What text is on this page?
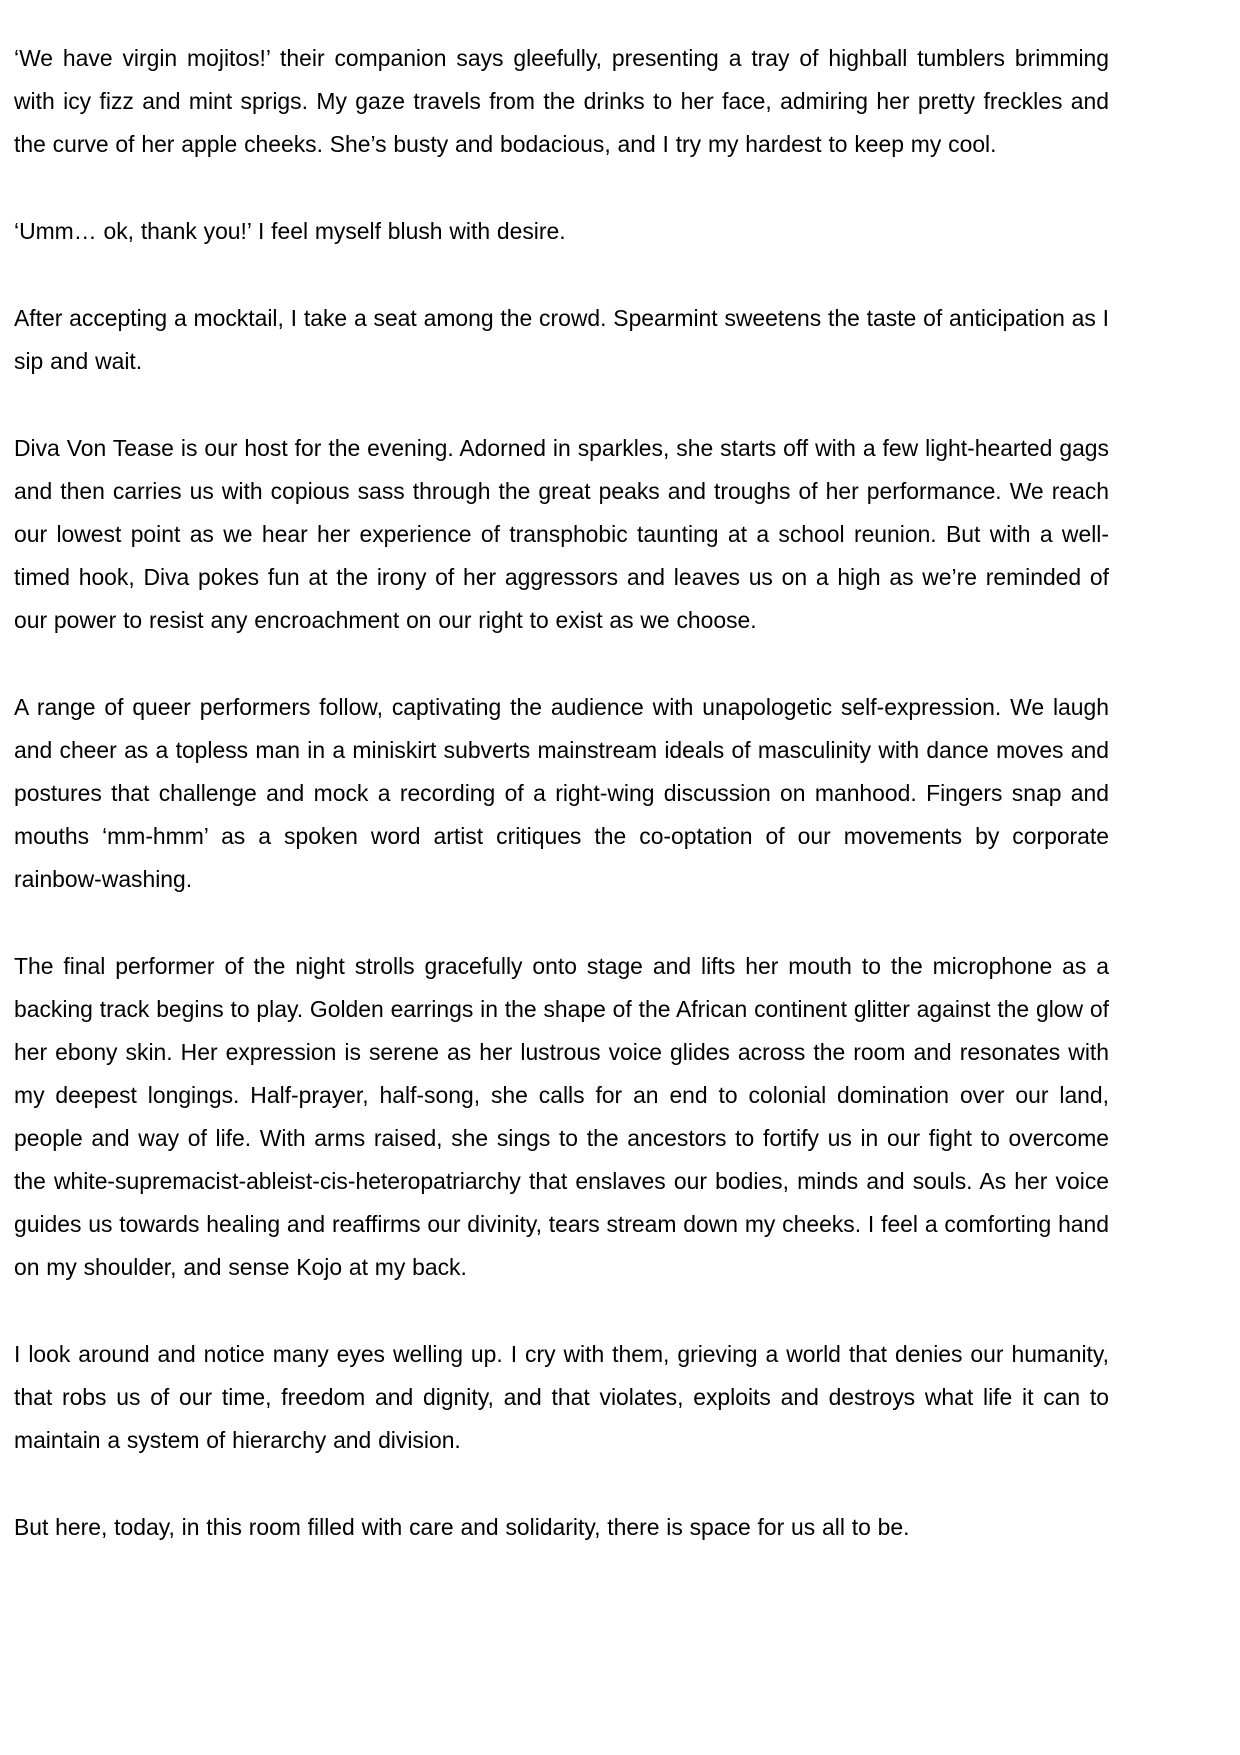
‘We have virgin mojitos!’ their companion says gleefully, presenting a tray of highball tumblers brimming with icy fizz and mint sprigs. My gaze travels from the drinks to her face, admiring her pretty freckles and the curve of her apple cheeks. She’s busty and bodacious, and I try my hardest to keep my cool.

‘Umm… ok, thank you!’ I feel myself blush with desire.

After accepting a mocktail, I take a seat among the crowd. Spearmint sweetens the taste of anticipation as I sip and wait.

Diva Von Tease is our host for the evening. Adorned in sparkles, she starts off with a few light-hearted gags and then carries us with copious sass through the great peaks and troughs of her performance. We reach our lowest point as we hear her experience of transphobic taunting at a school reunion. But with a well-timed hook, Diva pokes fun at the irony of her aggressors and leaves us on a high as we’re reminded of our power to resist any encroachment on our right to exist as we choose.

A range of queer performers follow, captivating the audience with unapologetic self-expression. We laugh and cheer as a topless man in a miniskirt subverts mainstream ideals of masculinity with dance moves and postures that challenge and mock a recording of a right-wing discussion on manhood. Fingers snap and mouths ‘mm-hmm’ as a spoken word artist critiques the co-optation of our movements by corporate rainbow-washing.

The final performer of the night strolls gracefully onto stage and lifts her mouth to the microphone as a backing track begins to play. Golden earrings in the shape of the African continent glitter against the glow of her ebony skin. Her expression is serene as her lustrous voice glides across the room and resonates with my deepest longings. Half-prayer, half-song, she calls for an end to colonial domination over our land, people and way of life. With arms raised, she sings to the ancestors to fortify us in our fight to overcome the white-supremacist-ableist-cis-heteropatriarchy that enslaves our bodies, minds and souls. As her voice guides us towards healing and reaffirms our divinity, tears stream down my cheeks. I feel a comforting hand on my shoulder, and sense Kojo at my back.

I look around and notice many eyes welling up. I cry with them, grieving a world that denies our humanity, that robs us of our time, freedom and dignity, and that violates, exploits and destroys what life it can to maintain a system of hierarchy and division.

But here, today, in this room filled with care and solidarity, there is space for us all to be.
